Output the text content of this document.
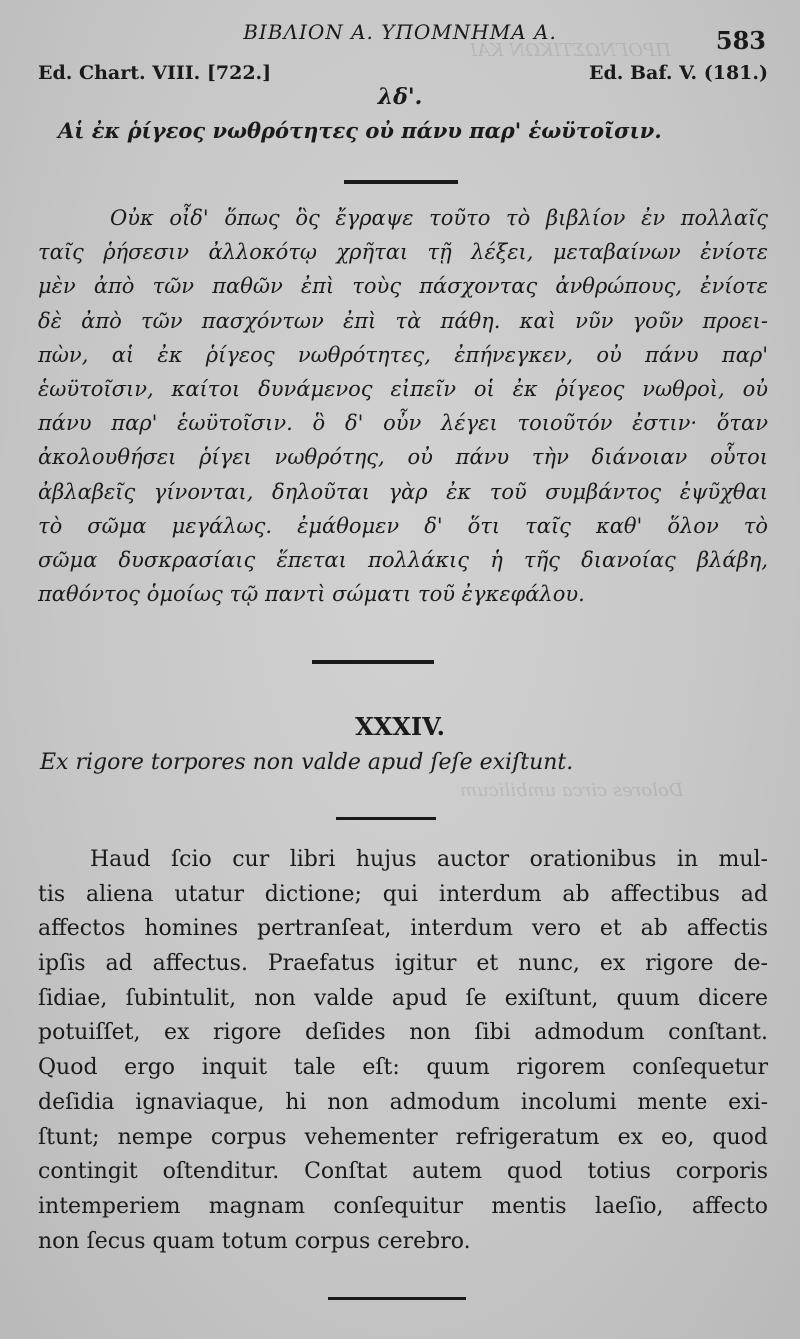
ΠΡΟΓΝΩΣΤΙΚΩΝ ΚΑΙ
Dolores circa umbilicum
ΒΙΒΛΙΟΝ Α. ΥΠΟΜΝΗΜΑ Α.	583
Ed. Chart. VIII. [722.]	Ed. Baf. V. (181.)
λδ'.
Αἱ ἐκ ῥίγεος νωθρότητες οὐ πάνυ παρ' ἑωϋτοῖσιν.
Οὐκ οἶδ' ὅπως ὃς ἔγραψε τοῦτο τὸ βιβλίον ἐν πολλαῖς
ταῖς ῥήσεσιν ἀλλοκότῳ χρῆται τῇ λέξει, μεταβαίνων ἐνίοτε
μὲν ἀπὸ τῶν παθῶν ἐπὶ τοὺς πάσχοντας ἀνθρώπους, ἐνίοτε
δὲ ἀπὸ τῶν πασχόντων ἐπὶ τὰ πάθη. καὶ νῦν γοῦν προει-
πὼν, αἱ ἐκ ῥίγεος νωθρότητες, ἐπήνεγκεν, οὐ πάνυ παρ'
ἑωϋτοῖσιν, καίτοι δυνάμενος εἰπεῖν οἱ ἐκ ῥίγεος νωθροὶ, οὐ
πάνυ παρ' ἑωϋτοῖσιν. ὃ δ' οὖν λέγει τοιοῦτόν ἐστιν· ὅταν
ἀκολουθήσει ῥίγει νωθρότης, οὐ πάνυ τὴν διάνοιαν οὗτοι
ἀβλαβεῖς γίνονται, δηλοῦται γὰρ ἐκ τοῦ συμβάντος ἐψῦχθαι
τὸ σῶμα μεγάλως. ἐμάθομεν δ' ὅτι ταῖς καθ' ὅλον τὸ
σῶμα δυσκρασίαις ἕπεται πολλάκις ἡ τῆς διανοίας βλάβη,
παθόντος ὁμοίως τῷ παντὶ σώματι τοῦ ἐγκεφάλου.
XXXIV.
Ex rigore torpores non valde apud ſeſe exiſtunt.
Haud ſcio cur libri hujus auctor orationibus in mul-
tis aliena utatur dictione; qui interdum ab affectibus ad
affectos homines pertranſeat, interdum vero et ab affectis
ipſis ad affectus. Praefatus igitur et nunc, ex rigore de-
ſidiae, ſubintulit, non valde apud ſe exiſtunt, quum dicere
potuiſſet, ex rigore deſides non ſibi admodum conſtant.
Quod ergo inquit tale eſt: quum rigorem conſequetur
deſidia ignaviaque, hi non admodum incolumi mente exi-
ſtunt; nempe corpus vehementer refrigeratum ex eo, quod
contingit oſtenditur. Conſtat autem quod totius corporis
intemperiem magnam conſequitur mentis laeſio, affecto
non ſecus quam totum corpus cerebro.
